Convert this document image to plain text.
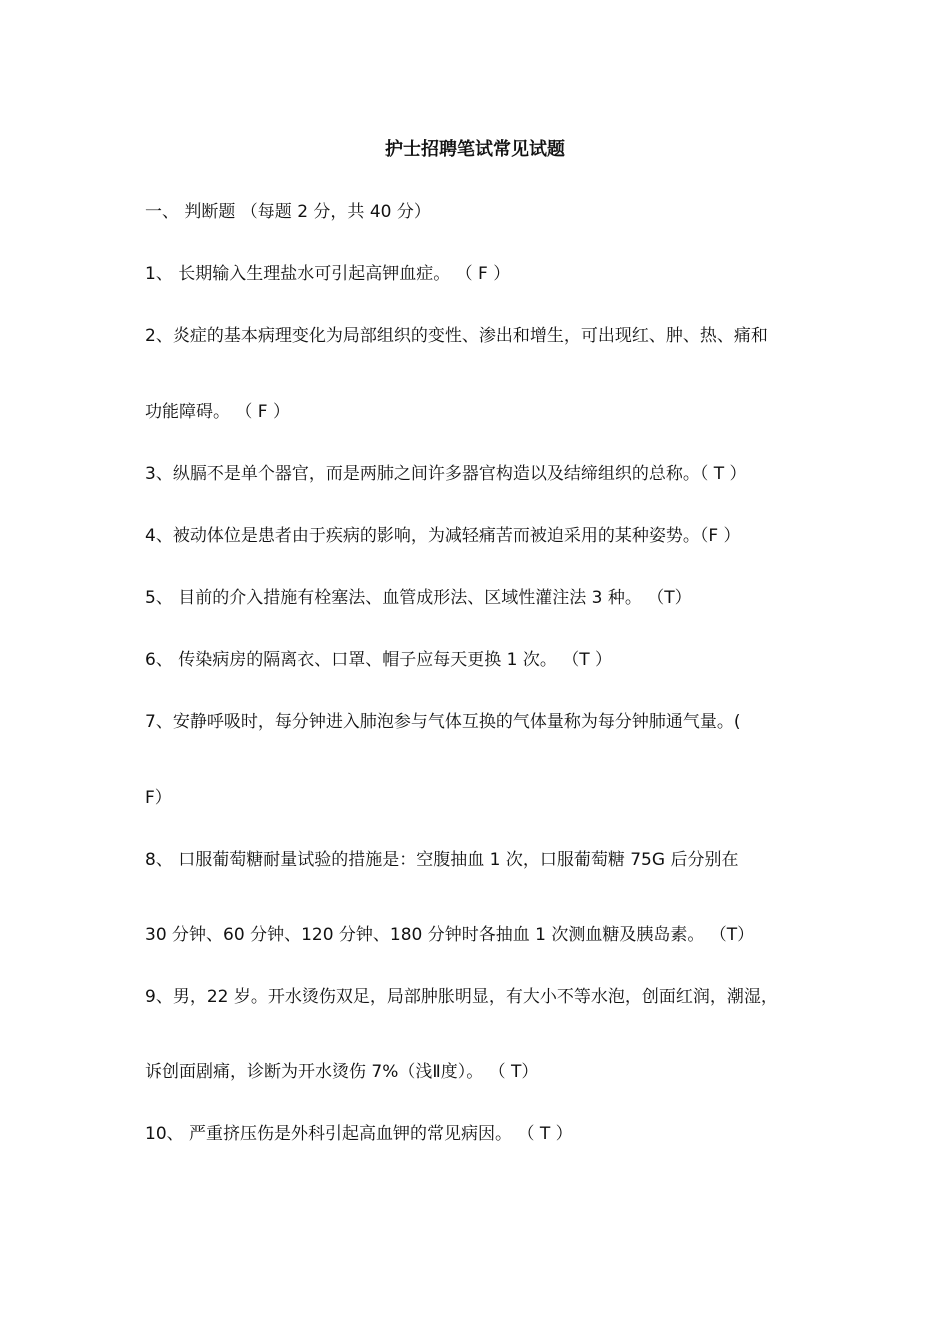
护士招聘笔试常见试题
一、 判断题 （每题 2 分，共 40 分）
1、 长期输入生理盐水可引起高钾血症。 （ F ）
2、炎症的基本病理变化为局部组织的变性、渗出和增生，可出现红、肿、热、痛和
功能障碍。 （ F ）
3、纵膈不是单个器官，而是两肺之间许多器官构造以及结缔组织的总称。（ T ）
4、被动体位是患者由于疾病的影响，为减轻痛苦而被迫采用的某种姿势。（F ）
5、 目前的介入措施有栓塞法、血管成形法、区域性灌注法 3 种。 （T）
6、 传染病房的隔离衣、口罩、帽子应每天更换 1 次。 （T ）
7、安静呼吸时，每分钟进入肺泡参与气体互换的气体量称为每分钟肺通气量。(
F）
8、 口服葡萄糖耐量试验的措施是：空腹抽血 1 次，口服葡萄糖 75G 后分别在
30 分钟、60 分钟、120 分钟、180 分钟时各抽血 1 次测血糖及胰岛素。 （T）
9、男，22 岁。开水烫伤双足，局部肿胀明显，有大小不等水泡，创面红润，潮湿，
诉创面剧痛，诊断为开水烫伤 7%（浅Ⅱ度）。 （ T）
10、 严重挤压伤是外科引起高血钾的常见病因。 （ T ）
